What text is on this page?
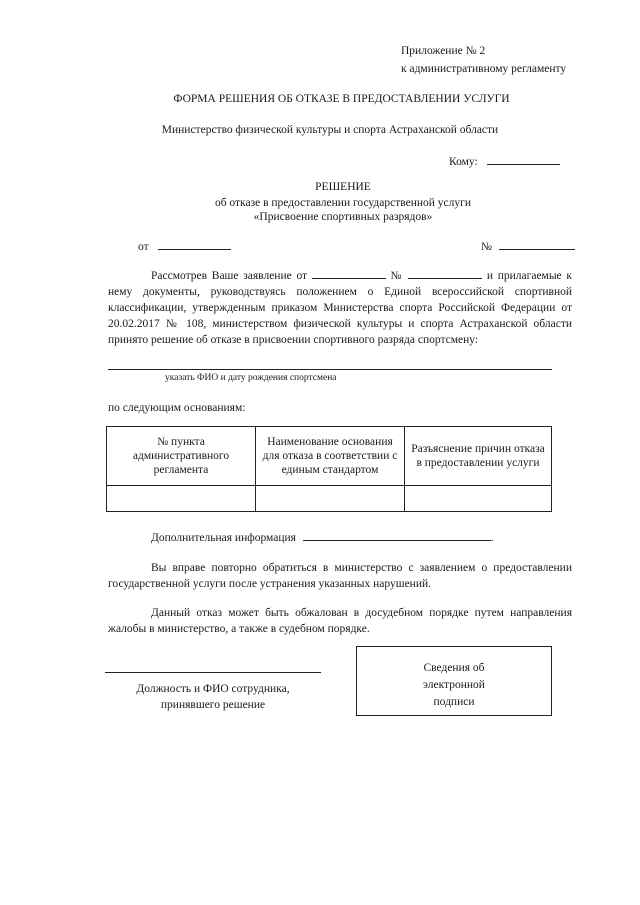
Приложение № 2
к административному регламенту
ФОРМА РЕШЕНИЯ ОБ ОТКАЗЕ В ПРЕДОСТАВЛЕНИИ УСЛУГИ
Министерство физической культуры и спорта Астраханской области
Кому:
РЕШЕНИЕ
об отказе в предоставлении государственной услуги
«Присвоение спортивных разрядов»
от	№
Рассмотрев Ваше заявление от	№	и прилагаемые к нему документы, руководствуясь положением о Единой всероссийской спортивной классификации, утвержденным приказом Министерства спорта Российской Федерации от 20.02.2017 № 108, министерством физической культуры и спорта Астраханской области принято решение об отказе в присвоении спортивного разряда спортсмену:
указать ФИО и дату рождения спортсмена
по следующим основаниям:
№ пункта административного регламента	Наименование основания для отказа в соответствии с единым стандартом	Разъяснение причин отказа в предоставлении услуги

Дополнительная информация	.
Вы вправе повторно обратиться в министерство с заявлением о предоставлении государственной услуги после устранения указанных нарушений.
Данный отказ может быть обжалован в досудебном порядке путем направления жалобы в министерство, а также в судебном порядке.
Должность и ФИО сотрудника,
принявшего решение
Сведения об
электронной
подписи
